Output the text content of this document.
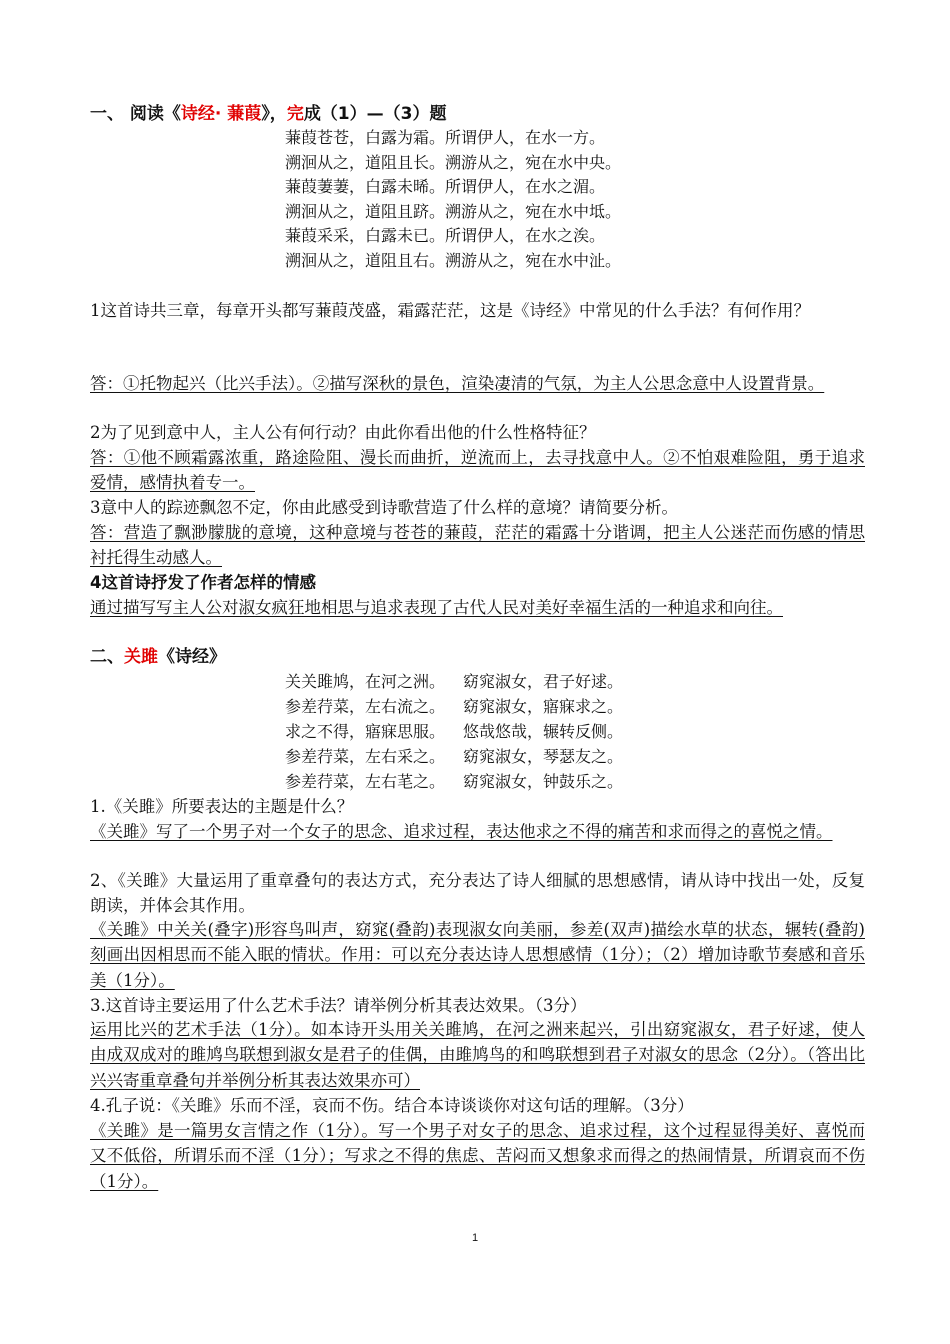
一、 阅读《诗经· 蒹葭》，完成（1）—（3）题
蒹葭苍苍，白露为霜。所谓伊人，在水一方。
溯洄从之，道阻且长。溯游从之，宛在水中央。
蒹葭萋萋，白露未晞。所谓伊人，在水之湄。
溯洄从之，道阻且跻。溯游从之，宛在水中坻。
蒹葭采采，白露未已。所谓伊人，在水之涘。
溯洄从之，道阻且右。溯游从之，宛在水中沚。
1这首诗共三章，每章开头都写蒹葭茂盛，霜露茫茫，这是《诗经》中常见的什么手法？有何作用？
答：①托物起兴（比兴手法）。②描写深秋的景色，渲染凄清的气氛，为主人公思念意中人设置背景。
2为了见到意中人，主人公有何行动？由此你看出他的什么性格特征？
答：①他不顾霜露浓重，路途险阻、漫长而曲折，逆流而上，去寻找意中人。②不怕艰难险阻，勇于追求爱情，感情执着专一。
3意中人的踪迹飘忽不定，你由此感受到诗歌营造了什么样的意境？请简要分析。
答：营造了飘渺朦胧的意境，这种意境与苍苍的蒹葭，茫茫的霜露十分谐调，把主人公迷茫而伤感的情思衬托得生动感人。
4这首诗抒发了作者怎样的情感
通过描写写主人公对淑女疯狂地相思与追求表现了古代人民对美好幸福生活的一种追求和向往。
二、关雎《诗经》
关关雎鸠，在河之洲。 窈窕淑女，君子好逑。
参差荇菜，左右流之。 窈窕淑女，寤寐求之。
求之不得，寤寐思服。 悠哉悠哉，辗转反侧。
参差荇菜，左右采之。 窈窕淑女，琴瑟友之。
参差荇菜，左右芼之。 窈窕淑女，钟鼓乐之。
1.《关雎》所要表达的主题是什么？
《关雎》写了一个男子对一个女子的思念、追求过程，表达他求之不得的痛苦和求而得之的喜悦之情。
2、《关雎》大量运用了重章叠句的表达方式，充分表达了诗人细腻的思想感情，请从诗中找出一处，反复朗读，并体会其作用。
《关雎》中关关(叠字)形容鸟叫声，窈窕(叠韵)表现淑女向美丽，参差(双声)描绘水草的状态，辗转(叠韵)刻画出因相思而不能入眠的情状。作用：可以充分表达诗人思想感情（1分）；（2）增加诗歌节奏感和音乐美（1分）。
3.这首诗主要运用了什么艺术手法？请举例分析其表达效果。（3分）
运用比兴的艺术手法（1分）。如本诗开头用关关雎鸠，在河之洲来起兴，引出窈窕淑女，君子好逑，使人由成双成对的雎鸠鸟联想到淑女是君子的佳偶，由雎鸠鸟的和鸣联想到君子对淑女的思念（2分）。（答出比兴兴寄重章叠句并举例分析其表达效果亦可）
4.孔子说：《关雎》乐而不淫，哀而不伤。结合本诗谈谈你对这句话的理解。（3分）
《关雎》是一篇男女言情之作（1分）。写一个男子对女子的思念、追求过程，这个过程显得美好、喜悦而又不低俗，所谓乐而不淫（1分）；写求之不得的焦虑、苦闷而又想象求而得之的热闹情景，所谓哀而不伤（1分）。
1
